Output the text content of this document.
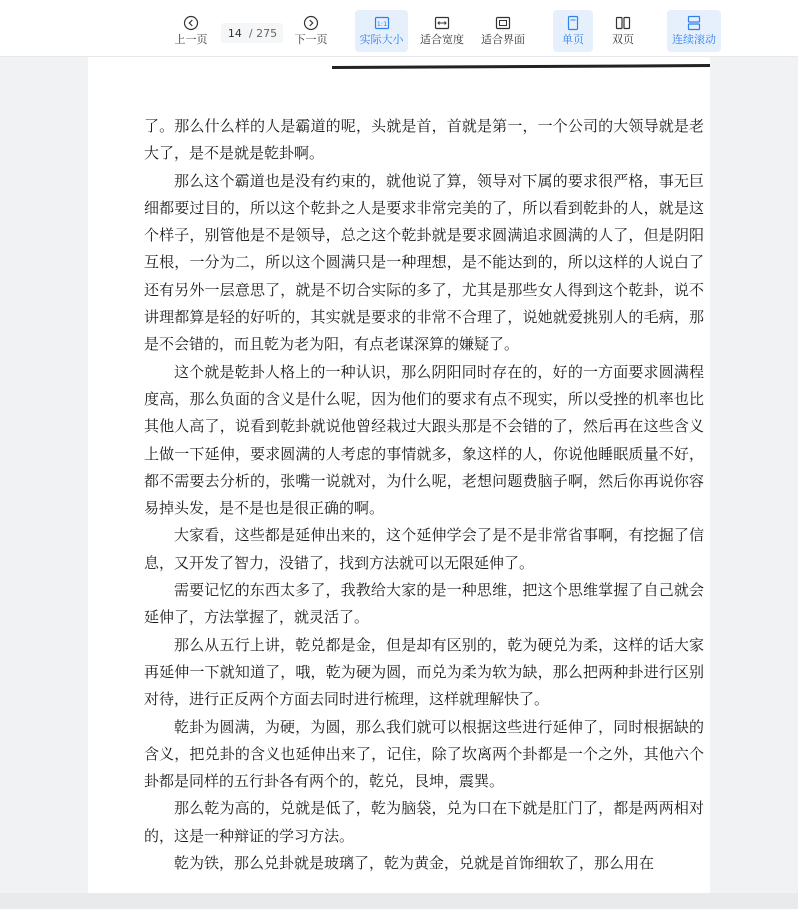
上一页	14 / 275 下一页
1:1
实际大小 适合宽度 适合界面	单页	双页	连续滚动

了。那么什么样的人是霸道的呢，头就是首，首就是第一，一个公司的大领导就是老大了，是不是就是乾卦啊。

那么这个霸道也是没有约束的，就他说了算，领导对下属的要求很严格，事无巨细都要过目的，所以这个乾卦之人是要求非常完美的了，所以看到乾卦的人，就是这个样子，别管他是不是领导，总之这个乾卦就是要求圆满追求圆满的人了，但是阴阳互根，一分为二，所以这个圆满只是一种理想，是不能达到的，所以这样的人说白了还有另外一层意思了，就是不切合实际的多了，尤其是那些女人得到这个乾卦，说不讲理都算是轻的好听的，其实就是要求的非常不合理了，说她就爱挑别人的毛病，那是不会错的，而且乾为老为阳，有点老谋深算的嫌疑了。

这个就是乾卦人格上的一种认识，那么阴阳同时存在的，好的一方面要求圆满程度高，那么负面的含义是什么呢，因为他们的要求有点不现实，所以受挫的机率也比其他人高了，说看到乾卦就说他曾经栽过大跟头那是不会错的了，然后再在这些含义上做一下延伸，要求圆满的人考虑的事情就多，象这样的人，你说他睡眠质量不好，都不需要去分析的，张嘴一说就对，为什么呢，老想问题费脑子啊，然后你再说你容易掉头发，是不是也是很正确的啊。

大家看，这些都是延伸出来的，这个延伸学会了是不是非常省事啊，有挖掘了信息，又开发了智力，没错了，找到方法就可以无限延伸了。

需要记忆的东西太多了，我教给大家的是一种思维，把这个思维掌握了自己就会延伸了，方法掌握了，就灵活了。

那么从五行上讲，乾兑都是金，但是却有区别的，乾为硬兑为柔，这样的话大家再延伸一下就知道了，哦，乾为硬为圆，而兑为柔为软为缺，那么把两种卦进行区别对待，进行正反两个方面去同时进行梳理，这样就理解快了。

乾卦为圆满，为硬，为圆，那么我们就可以根据这些进行延伸了，同时根据缺的含义，把兑卦的含义也延伸出来了，记住，除了坎离两个卦都是一个之外，其他六个卦都是同样的五行卦各有两个的，乾兑，艮坤，震巽。

那么乾为高的，兑就是低了，乾为脑袋，兑为口在下就是肛门了，都是两两相对的，这是一种辩证的学习方法。

乾为铁，那么兑卦就是玻璃了，乾为黄金，兑就是首饰细软了，那么用在
